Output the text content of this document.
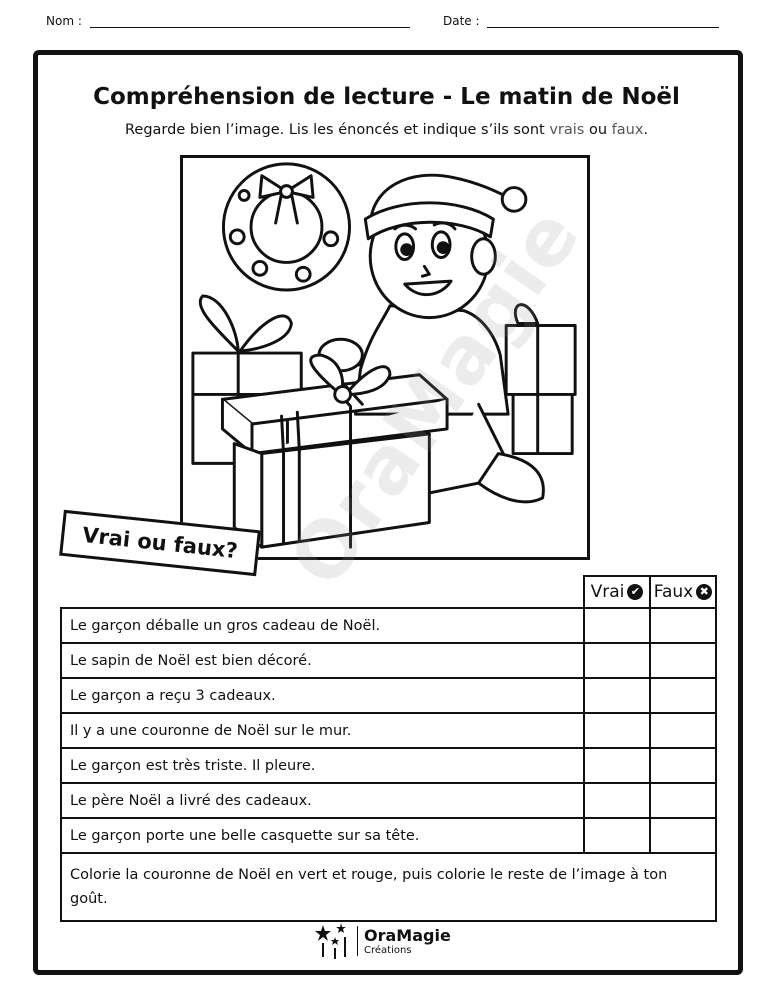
Nom :	Date :
Compréhension de lecture - Le matin de Noël
Regarde bien l’image. Lis les énoncés et indique s’ils sont vrais ou faux.
Vrai ou faux?
	Vrai ✔	Faux ✖
Le garçon déballe un gros cadeau de Noël.		
Le sapin de Noël est bien décoré.		
Le garçon a reçu 3 cadeaux.		
Il y a une couronne de Noël sur le mur.		
Le garçon est très triste. Il pleure.		
Le père Noël a livré des cadeaux.		
Le garçon porte une belle casquette sur sa tête.		
Colorie la couronne de Noël en vert et rouge, puis colorie le reste de l’image à ton goût.		
OraMagie
Créations
